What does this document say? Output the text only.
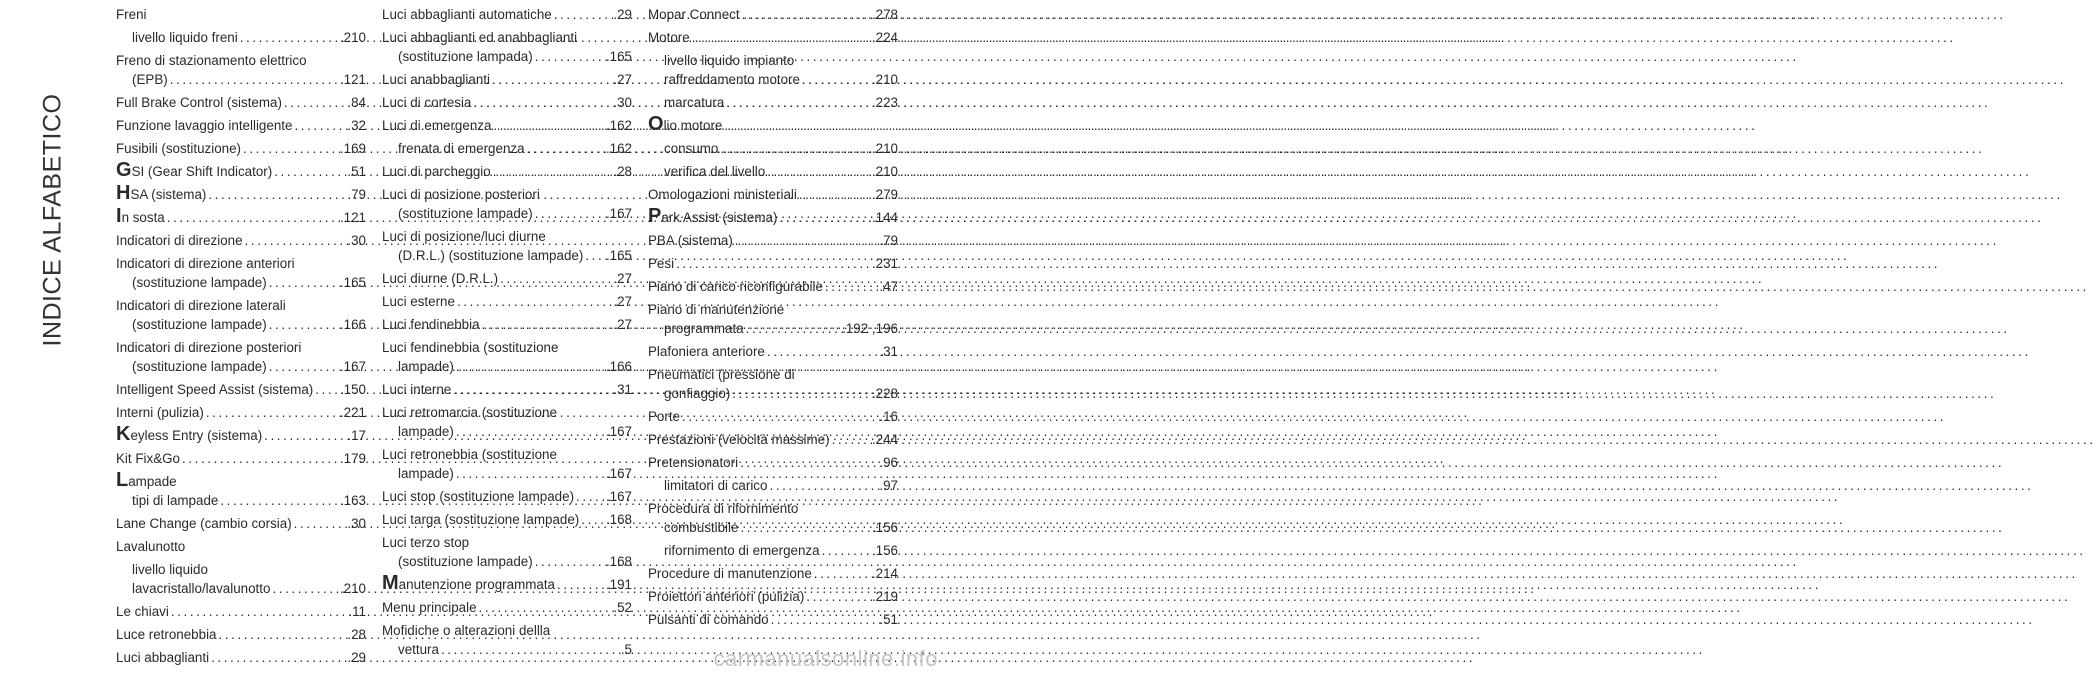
INDICE ALFABETICO
Freni
livello liquido freni .....	.210
Freno di stazionamento elettrico
(EPB) .....	.121
Full Brake Control (sistema) .....	.84
Funzione lavaggio intelligente .....	.32
Fusibili (sostituzione) .....	.169
GSI (Gear Shift Indicator) .....	.51
HSA (sistema) .....	.79
In sosta .....	.121
Indicatori di direzione .....	.30
Indicatori di direzione anteriori
(sostituzione lampade) .....	.165
Indicatori di direzione laterali
(sostituzione lampade) .....	.166
Indicatori di direzione posteriori
(sostituzione lampade) .....	.167
Intelligent Speed Assist (sistema) ..... .150
Interni (pulizia) .....	.221
Keyless Entry (sistema) .....	.17
Kit Fix&Go .....	.179
Lampade
tipi di lampade .....	.163
Lane Change (cambio corsia) .....	.30
Lavalunotto
livello liquido
lavacristallo/lavalunotto .....	.210
Le chiavi .....	.11
Luce retronebbia .....	.28
Luci abbaglianti .....	.29
Luci abbaglianti automatiche .....	.29
Luci abbaglianti ed anabbaglianti
(sostituzione lampada) .....	.165
Luci anabbaglianti .....	.27
Luci di cortesia .....	.30
Luci di emergenza .....	.162
frenata di emergenza .....	.162
Luci di parcheggio .....	.28
Luci di posizione posteriori
(sostituzione lampade) .....	.167
Luci di posizione/luci diurne
(D.R.L.) (sostituzione lampade) ..... .165
Luci diurne (D.R.L.) .....	.27
Luci esterne .....	.27
Luci fendinebbia .....	.27
Luci fendinebbia (sostituzione
lampade) .....	.166
Luci interne .....	.31
Luci retromarcia (sostituzione
lampade) .....	.167
Luci retronebbia (sostituzione
lampade) .....	.167
Luci stop (sostituzione lampade) ..... .167
Luci targa (sostituzione lampade) ..... .168
Luci terzo stop
(sostituzione lampade) .....	.168
Manutenzione programmata .....	.191
Menu principale .....	.52
Mofidiche o alterazioni dellla
vettura .....	.5
Mopar Connect .....	.278
Motore .....	.224
livello liquido impianto
raffreddamento motore .....	.210
marcatura .....	.223
Olio motore
consumo .....	.210
verifica del livello .....	.210
Omologazioni ministeriali .....	.279
Park Assist (sistema) .....	.144
PBA (sistema) .....	.79
Pesi .....	.231
Piano di carico riconfigurabile .....	.47
Piano di manutenzione
programmata .....	.192 ,196
Plafoniera anteriore .....	.31
Pneumatici (pressione di
gonfiaggio) .....	.228
Porte .....	.16
Prestazioni (velocità massime) .....	.244
Pretensionatori .....	.96
limitatori di carico .....	.97
Procedura di rifornimento
combustibile .....	.156
rifornimento di emergenza .....	.156
Procedure di manutenzione .....	.214
Proiettori anteriori (pulizia) .....	.219
Pulsanti di comando .....	.51
carmanualsonline.info
